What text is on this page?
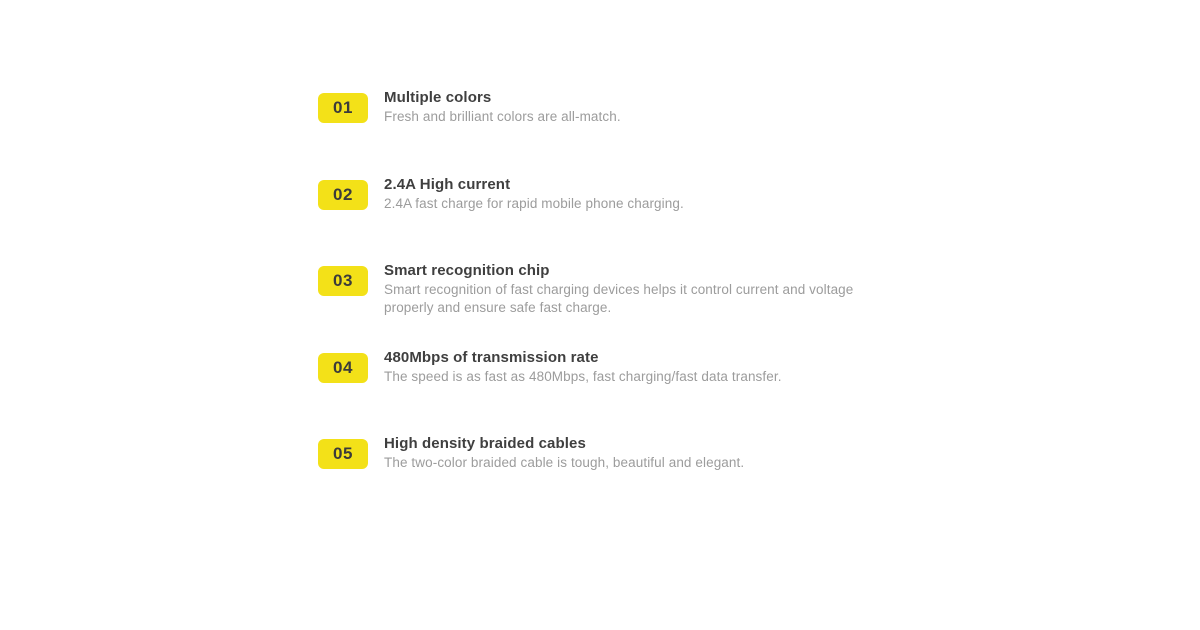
01
Multiple colors
Fresh and brilliant colors are all-match.
02
2.4A High current
2.4A fast charge for rapid mobile phone charging.
03
Smart recognition chip
Smart recognition of fast charging devices helps it control current and voltage properly and ensure safe fast charge.
04
480Mbps of transmission rate
The speed is as fast as 480Mbps, fast charging/fast data transfer.
05
High density braided cables
The two-color braided cable is tough, beautiful and elegant.
